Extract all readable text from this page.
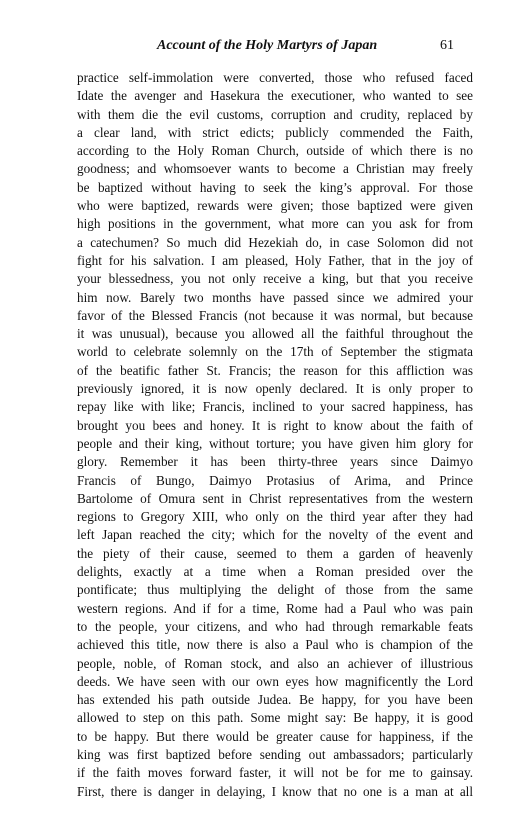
Account of the Holy Martyrs of Japan	61
practice self-immolation were converted, those who refused faced
Idate the avenger and Hasekura the executioner, who wanted to see
with them die the evil customs, corruption and crudity, replaced by
a clear land, with strict edicts; publicly commended the Faith,
according to the Holy Roman Church, outside of which there is no
goodness; and whomsoever wants to become a Christian may freely
be baptized without having to seek the king’s approval. For those
who were baptized, rewards were given; those baptized were given
high positions in the government, what more can you ask for from
a catechumen? So much did Hezekiah do, in case Solomon did not
fight for his salvation. I am pleased, Holy Father, that in the joy of
your blessedness, you not only receive a king, but that you receive
him now. Barely two months have passed since we admired your
favor of the Blessed Francis (not because it was normal, but because
it was unusual), because you allowed all the faithful throughout the
world to celebrate solemnly on the 17th of September the stigmata
of the beatific father St. Francis; the reason for this affliction was
previously ignored, it is now openly declared. It is only proper to
repay like with like; Francis, inclined to your sacred happiness, has
brought you bees and honey. It is right to know about the faith of
people and their king, without torture; you have given him glory for
glory. Remember it has been thirty-three years since Daimyo
Francis of Bungo, Daimyo Protasius of Arima, and Prince
Bartolome of Omura sent in Christ representatives from the western
regions to Gregory XIII, who only on the third year after they had
left Japan reached the city; which for the novelty of the event and
the piety of their cause, seemed to them a garden of heavenly
delights, exactly at a time when a Roman presided over the
pontificate; thus multiplying the delight of those from the same
western regions. And if for a time, Rome had a Paul who was pain
to the people, your citizens, and who had through remarkable feats
achieved this title, now there is also a Paul who is champion of the
people, noble, of Roman stock, and also an achiever of illustrious
deeds. We have seen with our own eyes how magnificently the Lord
has extended his path outside Judea. Be happy, for you have been
allowed to step on this path. Some might say: Be happy, it is good
to be happy. But there would be greater cause for happiness, if the
king was first baptized before sending out ambassadors; particularly
if the faith moves forward faster, it will not be for me to gainsay.
First, there is danger in delaying, I know that no one is a man at all
